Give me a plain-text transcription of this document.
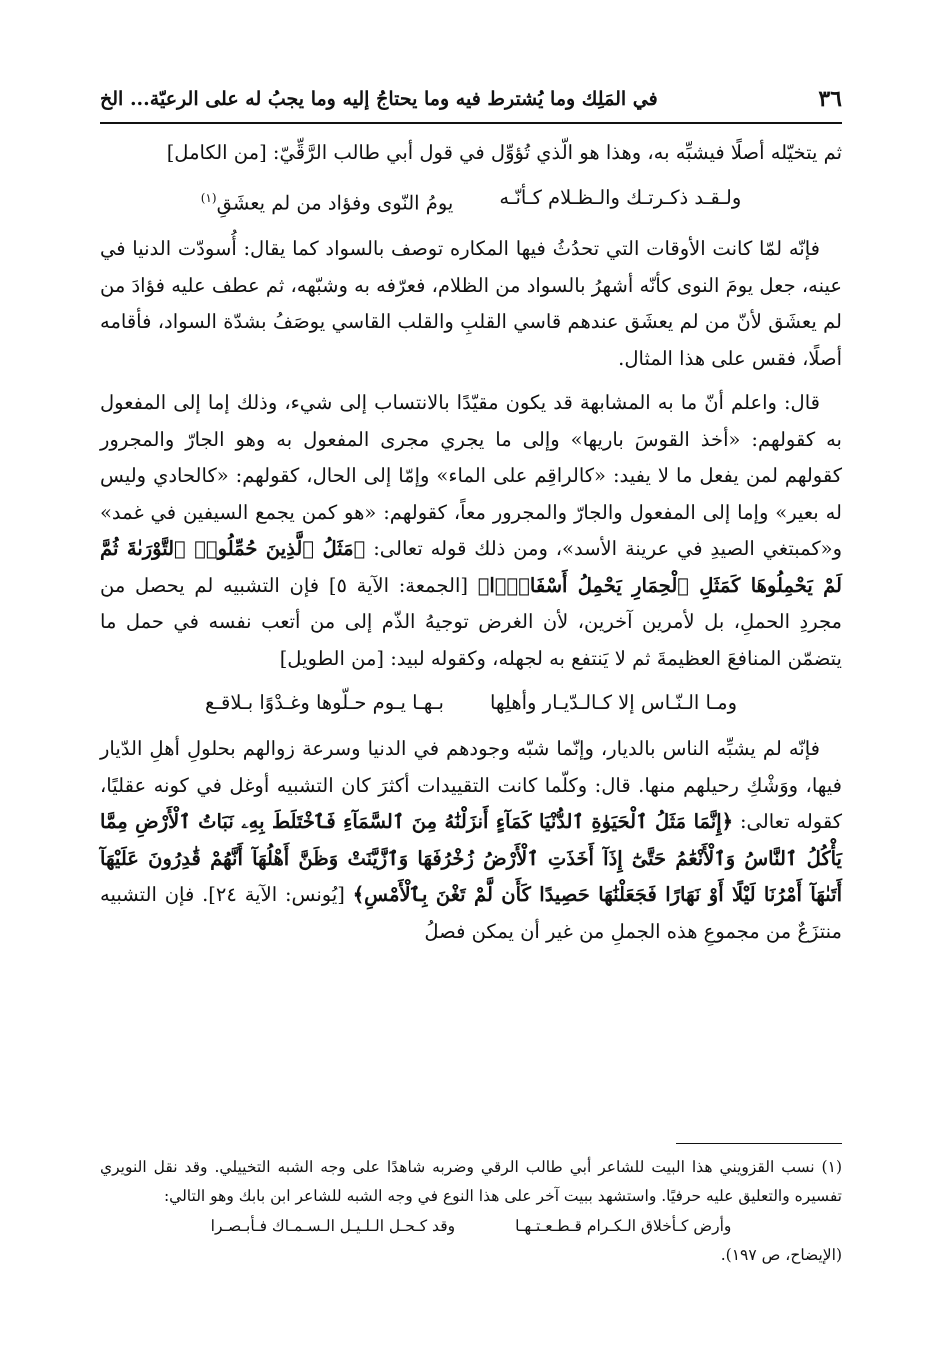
٣٦
في المَلِك وما يُشترط فيه وما يحتاجُ إليه وما يجبُ له على الرعيّة... الخ

ثم يتخيّله أصلًا فيشبِّه به، وهذا هو الّذي تُؤوِّل في قول أبي طالب الرَّقِّيّ: [من الكامل]

ولـقـد ذكـرتـك والـظـلام كـأنّـه
يومُ النّوى وفؤاد من لم يعشَقِ$^{(١)}$

فإنّه لمّا كانت الأوقات التي تحدُثُ فيها المكاره توصف بالسواد كما يقال: أُسودّت الدنيا في عينه، جعل يومَ النوى كأنّه أشهرُ بالسواد من الظلام، فعرّفه به وشبّهه، ثم عطف عليه فؤادَ من لم يعشَق لأنّ من لم يعشَق عندهم قاسي القلبِ والقلب القاسي يوصَفُ بشدّة السواد، فأقامه أصلًا، فقس على هذا المثال.

قال: واعلم أنّ ما به المشابهة قد يكون مقيّدًا بالانتساب إلى شيء، وذلك إما إلى المفعول به كقولهم: «أخذ القوسَ باريها» وإلى ما يجري مجرى المفعول به وهو الجارّ والمجرور كقولهم لمن يفعل ما لا يفيد: «كالراقِم على الماء» وإمّا إلى الحال، كقولهم: «كالحادي وليس له بعير» وإما إلى المفعول والجارّ والمجرور معاً، كقولهم: «هو كمن يجمع السيفين في غمد» و«كمبتغي الصيدِ في عرينة الأسد»، ومن ذلك قوله تعالى: ﴿مَثَلُ ٱلَّذِينَ حُمِّلُوا۟ ٱلتَّوْرَىٰةَ ثُمَّ لَمْ يَحْمِلُوهَا كَمَثَلِ ٱلْحِمَارِ يَحْمِلُ أَسْفَارًۢا﴾ [الجمعة: الآية ٥] فإن التشبيه لم يحصل من مجردِ الحملِ، بل لأمرين آخرين، لأن الغرض توجيهُ الذّم إلى من أتعب نفسه في حمل ما يتضمّن المنافعَ العظيمةَ ثم لا يَنتفع به لجهله، وكقوله لبيد: [من الطويل]

ومـا الـنّـاس إلا كـالـدّيـار وأهلِها
بـهـا يـوم حـلّوها وغـدْوًا بـلاقـع

فإنّه لم يشبِّه الناس بالديار، وإنّما شبّه وجودهم في الدنيا وسرعة زوالهم بحلولِ أهلِ الدّيار فيها، ووَشْكِ رحيلهم منها. قال: وكلّما كانت التقييدات أكثرَ كان التشبيه أوغل في كونه عقليًا، كقوله تعالى: ﴿إِنَّمَا مَثَلُ ٱلْحَيَوٰةِ ٱلدُّنْيَا كَمَآءٍ أَنزَلْنَٰهُ مِنَ ٱلسَّمَآءِ فَٱخْتَلَطَ بِهِۦ نَبَاتُ ٱلْأَرْضِ مِمَّا يَأْكُلُ ٱلنَّاسُ وَٱلْأَنْعَٰمُ حَتَّىٰٓ إِذَآ أَخَذَتِ ٱلْأَرْضُ زُخْرُفَهَا وَٱزَّيَّنَتْ وَظَنَّ أَهْلُهَآ أَنَّهُمْ قَٰدِرُونَ عَلَيْهَآ أَتَىٰهَآ أَمْرُنَا لَيْلًا أَوْ نَهَارًا فَجَعَلْنَٰهَا حَصِيدًا كَأَن لَّمْ تَغْنَ بِٱلْأَمْسِ﴾ [يُونس: الآية ٢٤]. فإن التشبيه منتزَعٌ من مجموعِ هذه الجملِ من غير أن يمكن فصلُ

(١) نسب القزويني هذا البيت للشاعر أبي طالب الرقي وضربه شاهدًا على وجه الشبه التخييلي. وقد نقل النويري تفسيره والتعليق عليه حرفيًا. واستشهد ببيت آخر على هذا النوع في وجه الشبه للشاعر ابن بابك وهو التالي:

وأرض كـأخلاق الـكـرام قـطـعـتـهـا
وقد كـحـل الـلـيـل الـسـمـاك فـأبـصـرا

(الإيضاح، ص ١٩٧).
